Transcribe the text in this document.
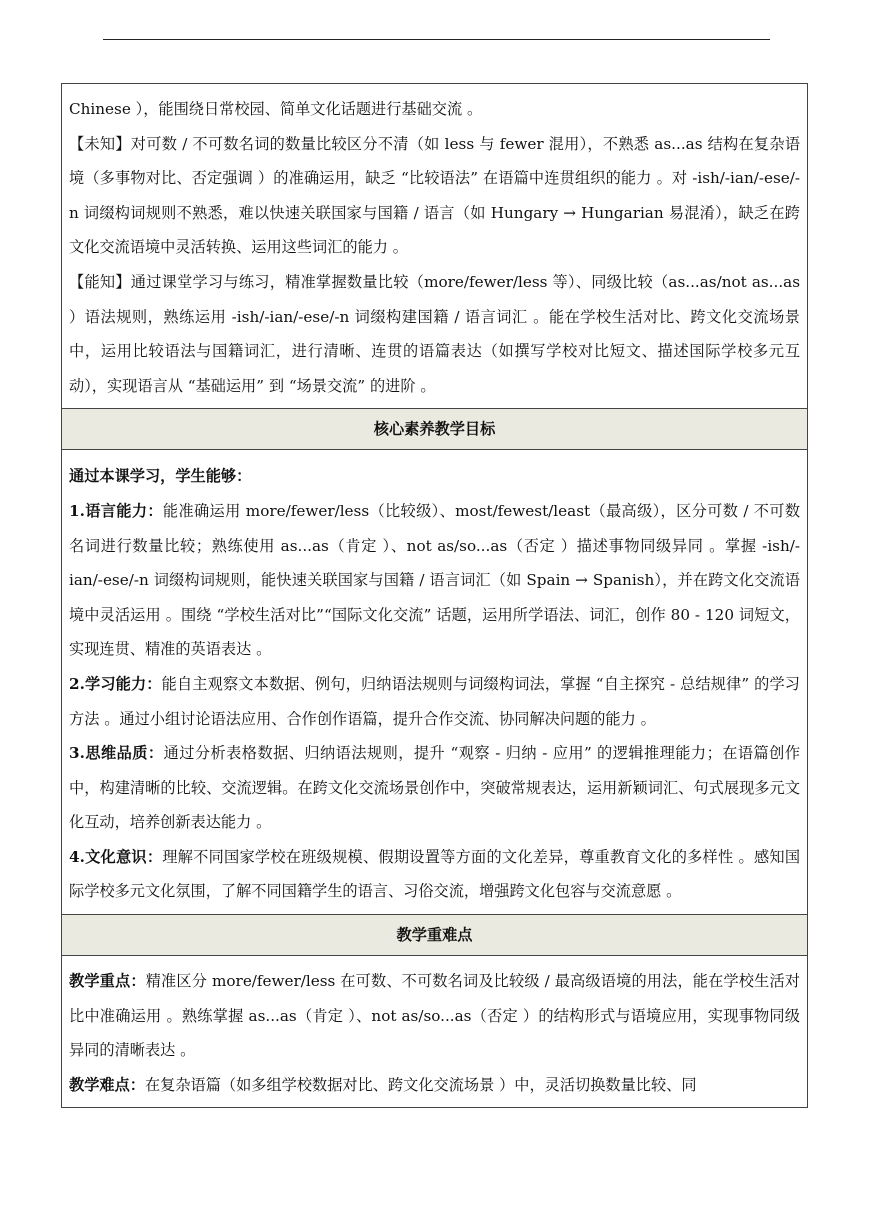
Chinese ），能围绕日常校园、简单文化话题进行基础交流 。

【未知】对可数 / 不可数名词的数量比较区分不清（如 less 与 fewer 混用），不熟悉 as...as 结构在复杂语境（多事物对比、否定强调 ）的准确运用，缺乏 “比较语法” 在语篇中连贯组织的能力 。对 -ish/-ian/-ese/-n 词缀构词规则不熟悉，难以快速关联国家与国籍 / 语言（如 Hungary → Hungarian 易混淆），缺乏在跨文化交流语境中灵活转换、运用这些词汇的能力 。

【能知】通过课堂学习与练习，精准掌握数量比较（more/fewer/less 等）、同级比较（as...as/not as...as ）语法规则，熟练运用 -ish/-ian/-ese/-n 词缀构建国籍 / 语言词汇 。能在学校生活对比、跨文化交流场景中，运用比较语法与国籍词汇，进行清晰、连贯的语篇表达（如撰写学校对比短文、描述国际学校多元互动），实现语言从 “基础运用” 到 “场景交流” 的进阶 。

核心素养教学目标

通过本课学习，学生能够：

1.语言能力：能准确运用 more/fewer/less（比较级）、most/fewest/least（最高级），区分可数 / 不可数名词进行数量比较；熟练使用 as...as（肯定 ）、not as/so...as（否定 ）描述事物同级异同 。掌握 -ish/-ian/-ese/-n 词缀构词规则，能快速关联国家与国籍 / 语言词汇（如 Spain → Spanish），并在跨文化交流语境中灵活运用 。围绕 “学校生活对比”“国际文化交流” 话题，运用所学语法、词汇，创作 80 - 120 词短文，实现连贯、精准的英语表达 。

2.学习能力：能自主观察文本数据、例句，归纳语法规则与词缀构词法，掌握 “自主探究 - 总结规律” 的学习方法 。通过小组讨论语法应用、合作创作语篇，提升合作交流、协同解决问题的能力 。

3.思维品质：通过分析表格数据、归纳语法规则，提升 “观察 - 归纳 - 应用” 的逻辑推理能力；在语篇创作中，构建清晰的比较、交流逻辑。在跨文化交流场景创作中，突破常规表达，运用新颖词汇、句式展现多元文化互动，培养创新表达能力 。

4.文化意识：理解不同国家学校在班级规模、假期设置等方面的文化差异，尊重教育文化的多样性 。感知国际学校多元文化氛围，了解不同国籍学生的语言、习俗交流，增强跨文化包容与交流意愿 。

教学重难点

教学重点：精准区分 more/fewer/less 在可数、不可数名词及比较级 / 最高级语境的用法，能在学校生活对比中准确运用 。熟练掌握 as...as（肯定 ）、not as/so...as（否定 ）的结构形式与语境应用，实现事物同级异同的清晰表达 。

教学难点：在复杂语篇（如多组学校数据对比、跨文化交流场景 ）中，灵活切换数量比较、同
